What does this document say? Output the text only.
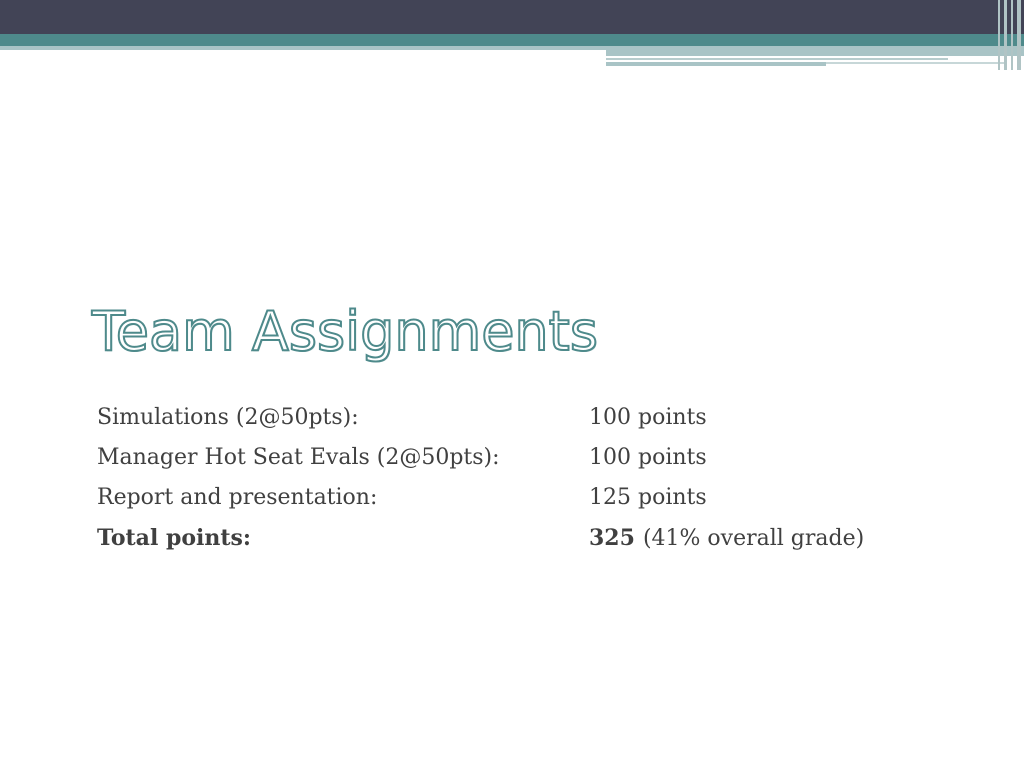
Team Assignments
Simulations (2@50pts):	100 points
Manager Hot Seat Evals (2@50pts):	100 points
Report and presentation:	125 points
Total points:	325 (41% overall grade)
